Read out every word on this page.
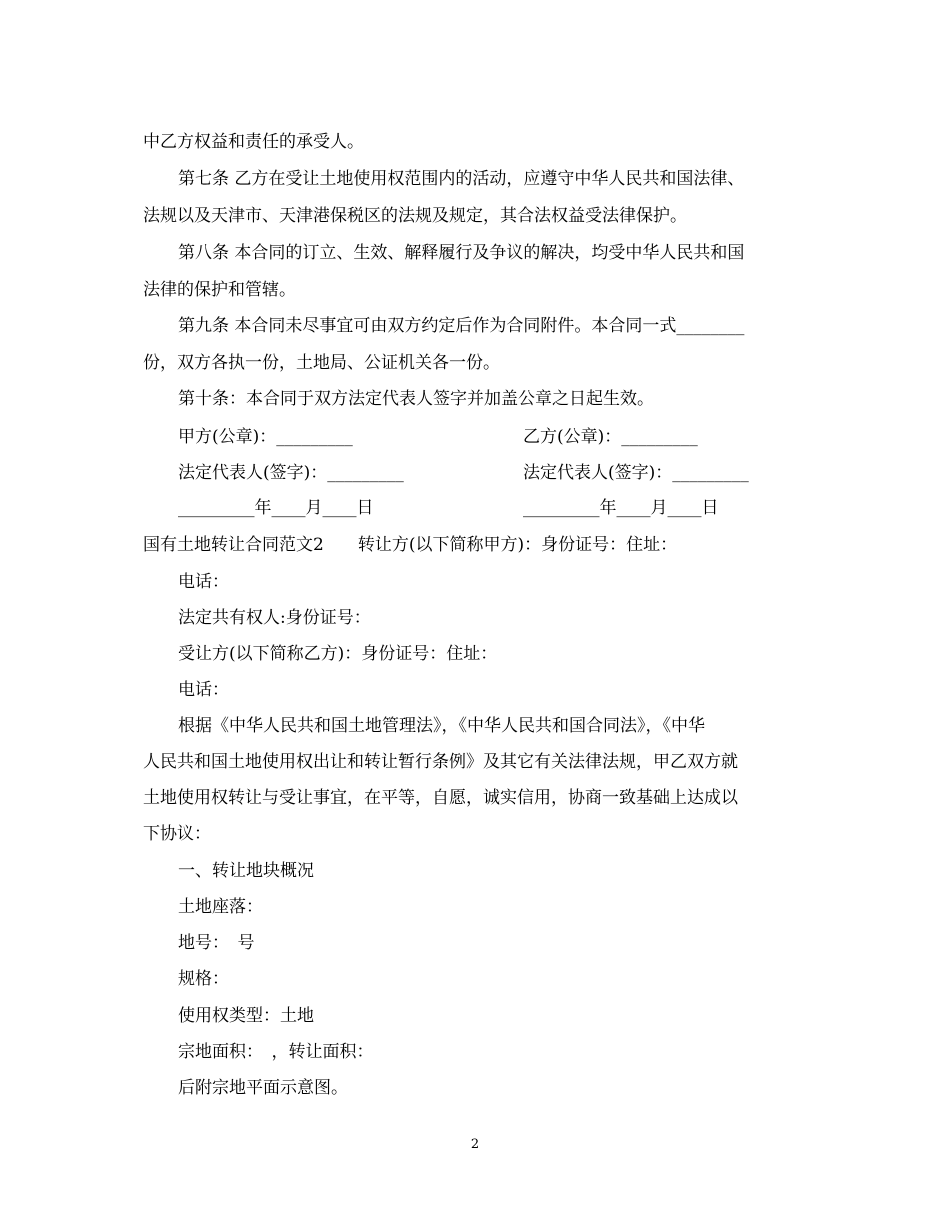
中乙方权益和责任的承受人。
第七条 乙方在受让土地使用权范围内的活动，应遵守中华人民共和国法律、
法规以及天津市、天津港保税区的法规及规定，其合法权益受法律保护。
第八条 本合同的订立、生效、解释履行及争议的解决，均受中华人民共和国
法律的保护和管辖。
第九条 本合同未尽事宜可由双方约定后作为合同附件。本合同一式________
份，双方各执一份，土地局、公证机关各一份。
第十条：本合同于双方法定代表人签字并加盖公章之日起生效。
甲方(公章)：_________	乙方(公章)：_________
法定代表人(签字)：_________	法定代表人(签字)：_________
_________年____月____日	_________年____月____日
国有土地转让合同范文2　　转让方(以下简称甲方)：身份证号：住址：
电话：
法定共有权人:身份证号：
受让方(以下简称乙方)：身份证号：住址：
电话：
根据《中华人民共和国土地管理法》，《中华人民共和国合同法》，《中华
人民共和国土地使用权出让和转让暂行条例》及其它有关法律法规，甲乙双方就
土地使用权转让与受让事宜，在平等，自愿，诚实信用，协商一致基础上达成以
下协议：
一、转让地块概况
土地座落：
地号：　号
规格：
使用权类型：土地
宗地面积：　，转让面积：
后附宗地平面示意图。
2
